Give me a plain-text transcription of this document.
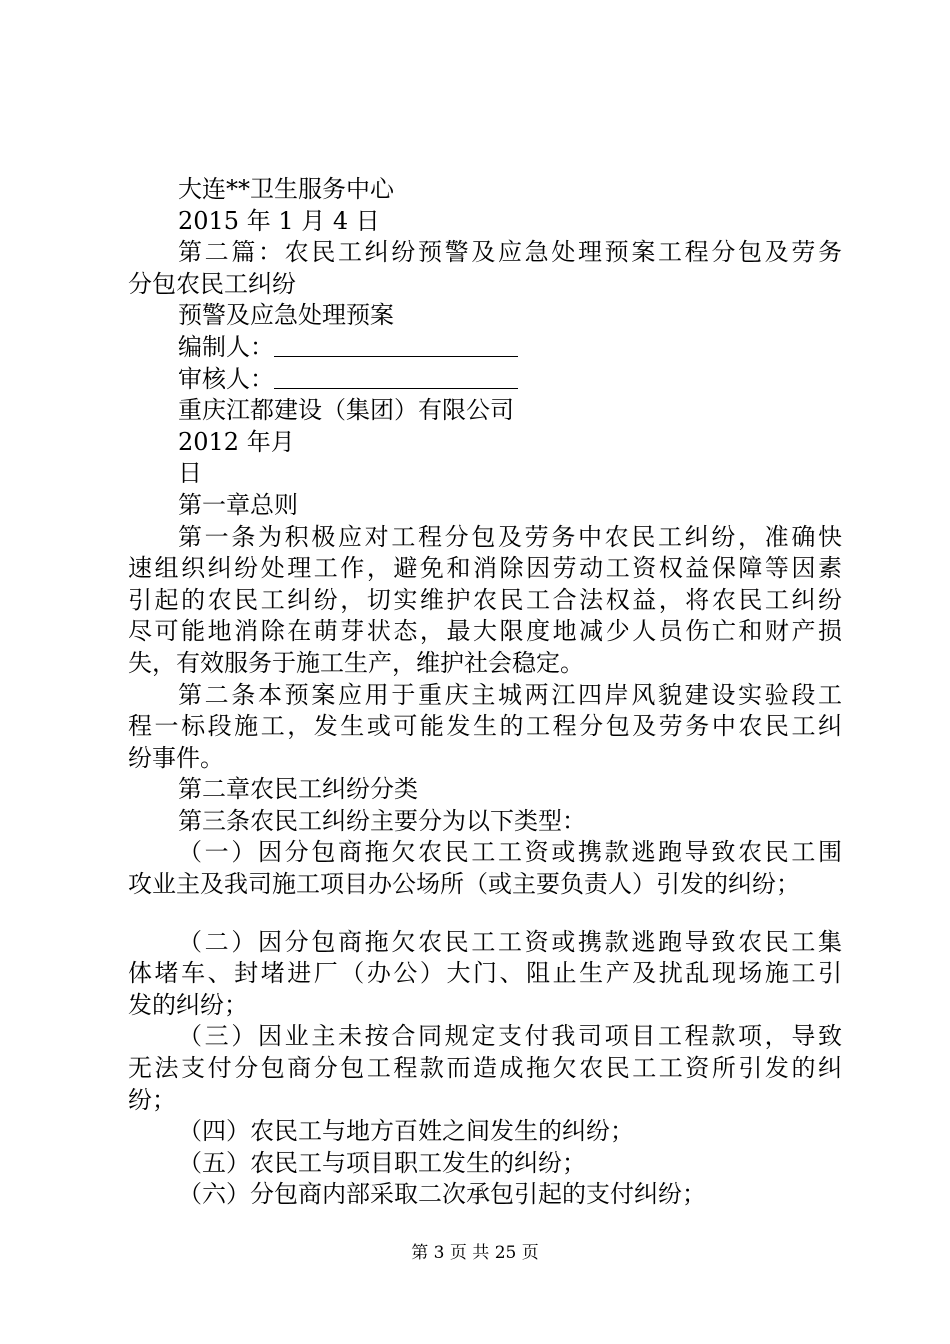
大连**卫生服务中心
2015 年 1 月 4 日
第二篇：农民工纠纷预警及应急处理预案工程分包及劳务
分包农民工纠纷
预警及应急处理预案
编制人：
审核人：
重庆江都建设（集团）有限公司
2012 年月
日
第一章总则
第一条为积极应对工程分包及劳务中农民工纠纷，准确快
速组织纠纷处理工作，避免和消除因劳动工资权益保障等因素
引起的农民工纠纷，切实维护农民工合法权益，将农民工纠纷
尽可能地消除在萌芽状态，最大限度地减少人员伤亡和财产损
失，有效服务于施工生产，维护社会稳定。
第二条本预案应用于重庆主城两江四岸风貌建设实验段工
程一标段施工，发生或可能发生的工程分包及劳务中农民工纠
纷事件。
第二章农民工纠纷分类
第三条农民工纠纷主要分为以下类型：
（一）因分包商拖欠农民工工资或携款逃跑导致农民工围
攻业主及我司施工项目办公场所（或主要负责人）引发的纠纷；
（二）因分包商拖欠农民工工资或携款逃跑导致农民工集
体堵车、封堵进厂（办公）大门、阻止生产及扰乱现场施工引
发的纠纷；
（三）因业主未按合同规定支付我司项目工程款项，导致
无法支付分包商分包工程款而造成拖欠农民工工资所引发的纠
纷；
（四）农民工与地方百姓之间发生的纠纷；
（五）农民工与项目职工发生的纠纷；
（六）分包商内部采取二次承包引起的支付纠纷；
第 3 页 共 25 页
